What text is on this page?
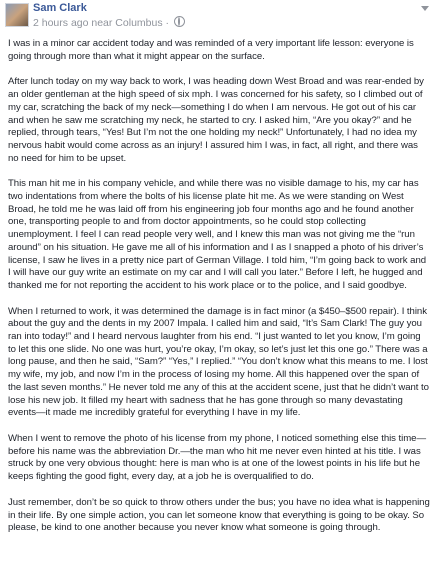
Sam Clark
2 hours ago near Columbus ·

I was in a minor car accident today and was reminded of a very important life lesson: everyone is going through more than what it might appear on the surface.

After lunch today on my way back to work, I was heading down West Broad and was rear-ended by an older gentleman at the high speed of six mph. I was concerned for his safety, so I climbed out of my car, scratching the back of my neck—something I do when I am nervous. He got out of his car and when he saw me scratching my neck, he started to cry. I asked him, “Are you okay?” and he replied, through tears, “Yes! But I’m not the one holding my neck!” Unfortunately, I had no idea my nervous habit would come across as an injury! I assured him I was, in fact, all right, and there was no need for him to be upset.

This man hit me in his company vehicle, and while there was no visible damage to his, my car has two indentations from where the bolts of his license plate hit me. As we were standing on West Broad, he told me he was laid off from his engineering job four months ago and he found another one, transporting people to and from doctor appointments, so he could stop collecting unemployment. I feel I can read people very well, and I knew this man was not giving me the “run around” on his situation. He gave me all of his information and I as I snapped a photo of his driver’s license, I saw he lives in a pretty nice part of German Village. I told him, “I’m going back to work and I will have our guy write an estimate on my car and I will call you later.” Before I left, he hugged and thanked me for not reporting the accident to his work place or to the police, and I said goodbye.

When I returned to work, it was determined the damage is in fact minor (a $450–$500 repair). I think about the guy and the dents in my 2007 Impala. I called him and said, “It’s Sam Clark! The guy you ran into today!” and I heard nervous laughter from his end. “I just wanted to let you know, I’m going to let this one slide. No one was hurt, you’re okay, I’m okay, so let’s just let this one go.” There was a long pause, and then he said, “Sam?” “Yes,” I replied.” “You don’t know what this means to me. I lost my wife, my job, and now I’m in the process of losing my home. All this happened over the span of the last seven months.” He never told me any of this at the accident scene, just that he didn’t want to lose his new job. It filled my heart with sadness that he has gone through so many devastating events—it made me incredibly grateful for everything I have in my life.

When I went to remove the photo of his license from my phone, I noticed something else this time—before his name was the abbreviation Dr.—the man who hit me never even hinted at his title. I was struck by one very obvious thought: here is man who is at one of the lowest points in his life but he keeps fighting the good fight, every day, at a job he is overqualified to do.

Just remember, don’t be so quick to throw others under the bus; you have no idea what is happening in their life. By one simple action, you can let someone know that everything is going to be okay. So please, be kind to one another because you never know what someone is going through.
